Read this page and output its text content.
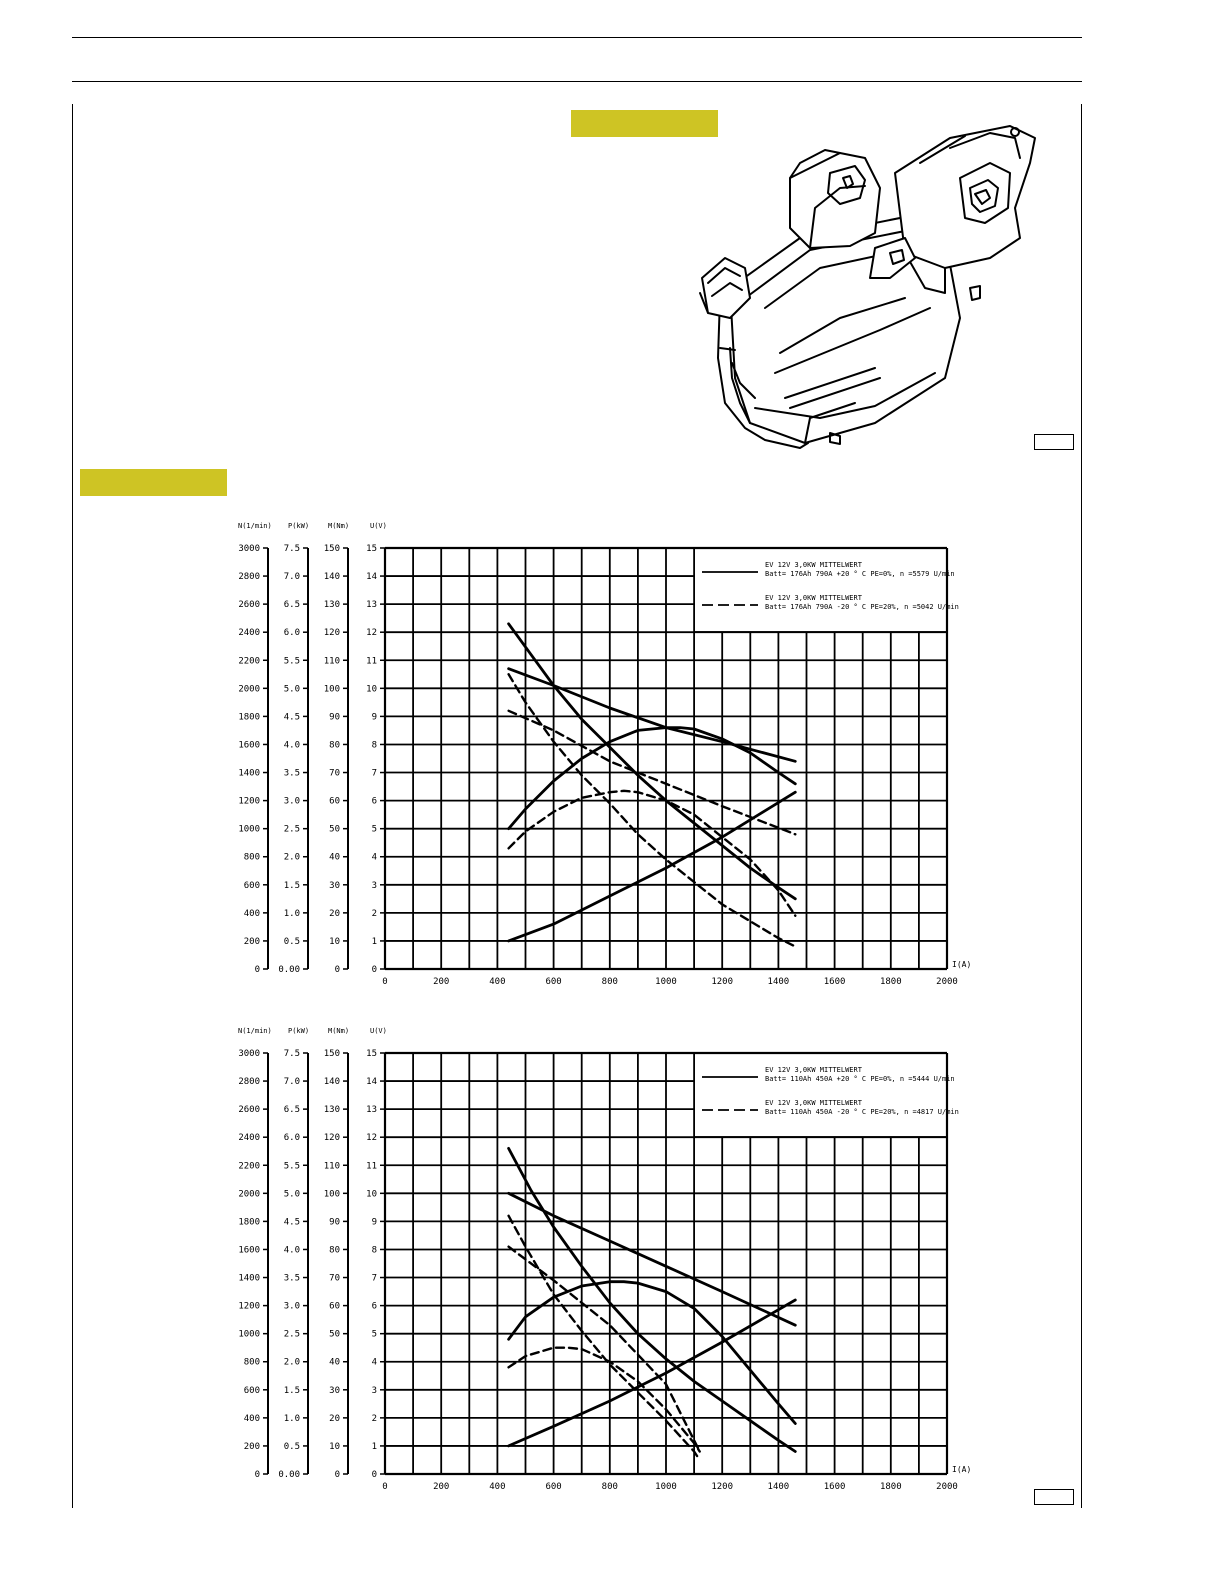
N(1/min)
0
200
400
600
800
1000
1200
1400
1600
1800
2000
2200
2400
2600
2800
3000
P(kW)
0.00
0.5
1.0
1.5
2.0
2.5
3.0
3.5
4.0
4.5
5.0
5.5
6.0
6.5
7.0
7.5
M(Nm)
0
10
20
30
40
50
60
70
80
90
100
110
120
130
140
150
U(V)
0
1
2
3
4
5
6
7
8
9
10
11
12
13
14
15
0	200	400	600	800	1000	1200	1400	1600	1800	2000
I(A)
EV 12V 3,0KW MITTELWERT
Batt= 176Ah 790A +20 ° C PE=0%, n =5579 U/min
EV 12V 3,0KW MITTELWERT
Batt= 176Ah 790A -20 ° C PE=20%, n =5042 U/min
N(1/min)
0
200
400
600
800
1000
1200
1400
1600
1800
2000
2200
2400
2600
2800
3000
P(kW)
0.00
0.5
1.0
1.5
2.0
2.5
3.0
3.5
4.0
4.5
5.0
5.5
6.0
6.5
7.0
7.5
M(Nm)
0
10
20
30
40
50
60
70
80
90
100
110
120
130
140
150
U(V)
0
1
2
3
4
5
6
7
8
9
10
11
12
13
14
15
0	200	400	600	800	1000	1200	1400	1600	1800	2000
I(A)
EV 12V 3,0KW MITTELWERT
Batt= 110Ah 450A +20 ° C PE=0%, n =5444 U/min
EV 12V 3,0KW MITTELWERT
Batt= 110Ah 450A -20 ° C PE=20%, n =4817 U/min
